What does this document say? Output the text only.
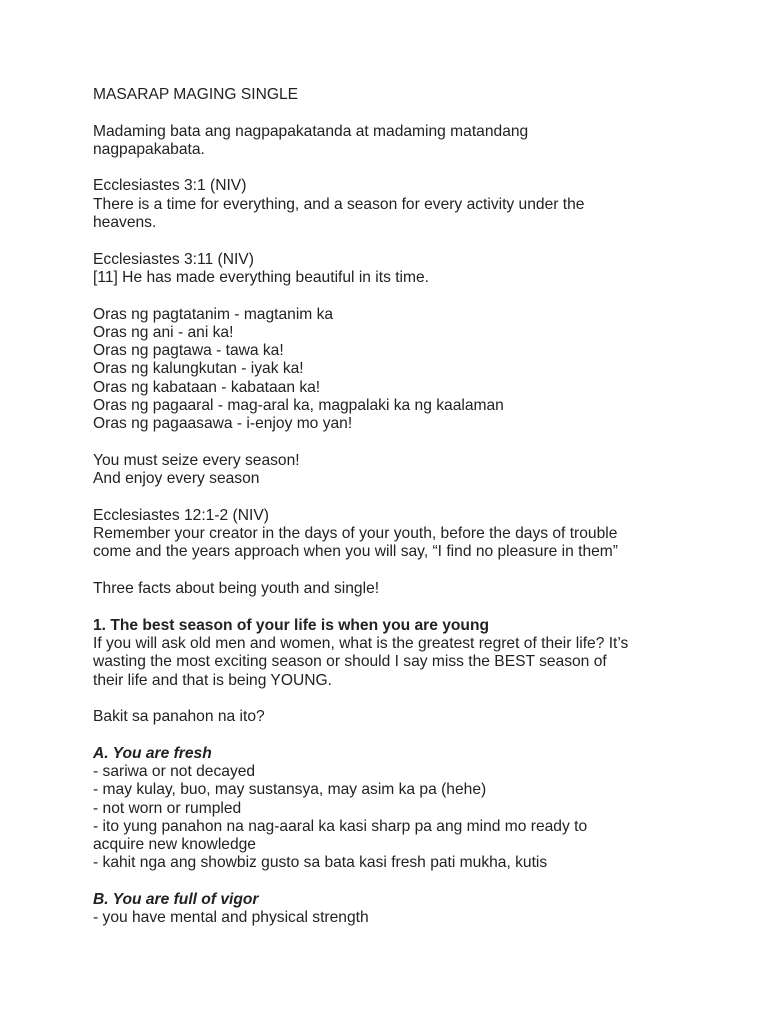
MASARAP MAGING SINGLE
Madaming bata ang nagpapakatanda at madaming matandang
nagpapakabata.
Ecclesiastes 3:1 (NIV)
There is a time for everything, and a season for every activity under the
heavens.
Ecclesiastes 3:11 (NIV)
[11] He has made everything beautiful in its time.
Oras ng pagtatanim - magtanim ka
Oras ng ani - ani ka!
Oras ng pagtawa - tawa ka!
Oras ng kalungkutan - iyak ka!
Oras ng kabataan - kabataan ka!
Oras ng pagaaral - mag-aral ka, magpalaki ka ng kaalaman
Oras ng pagaasawa - i-enjoy mo yan!
You must seize every season!
And enjoy every season
Ecclesiastes 12:1-2 (NIV)
Remember your creator in the days of your youth, before the days of trouble
come and the years approach when you will say, “I find no pleasure in them”
Three facts about being youth and single!
1. The best season of your life is when you are young
If you will ask old men and women, what is the greatest regret of their life? It’s
wasting the most exciting season or should I say miss the BEST season of
their life and that is being YOUNG.
Bakit sa panahon na ito?
A. You are fresh
- sariwa or not decayed
- may kulay, buo, may sustansya, may asim ka pa (hehe)
- not worn or rumpled
- ito yung panahon na nag-aaral ka kasi sharp pa ang mind mo ready to
acquire new knowledge
- kahit nga ang showbiz gusto sa bata kasi fresh pati mukha, kutis
B. You are full of vigor
- you have mental and physical strength
